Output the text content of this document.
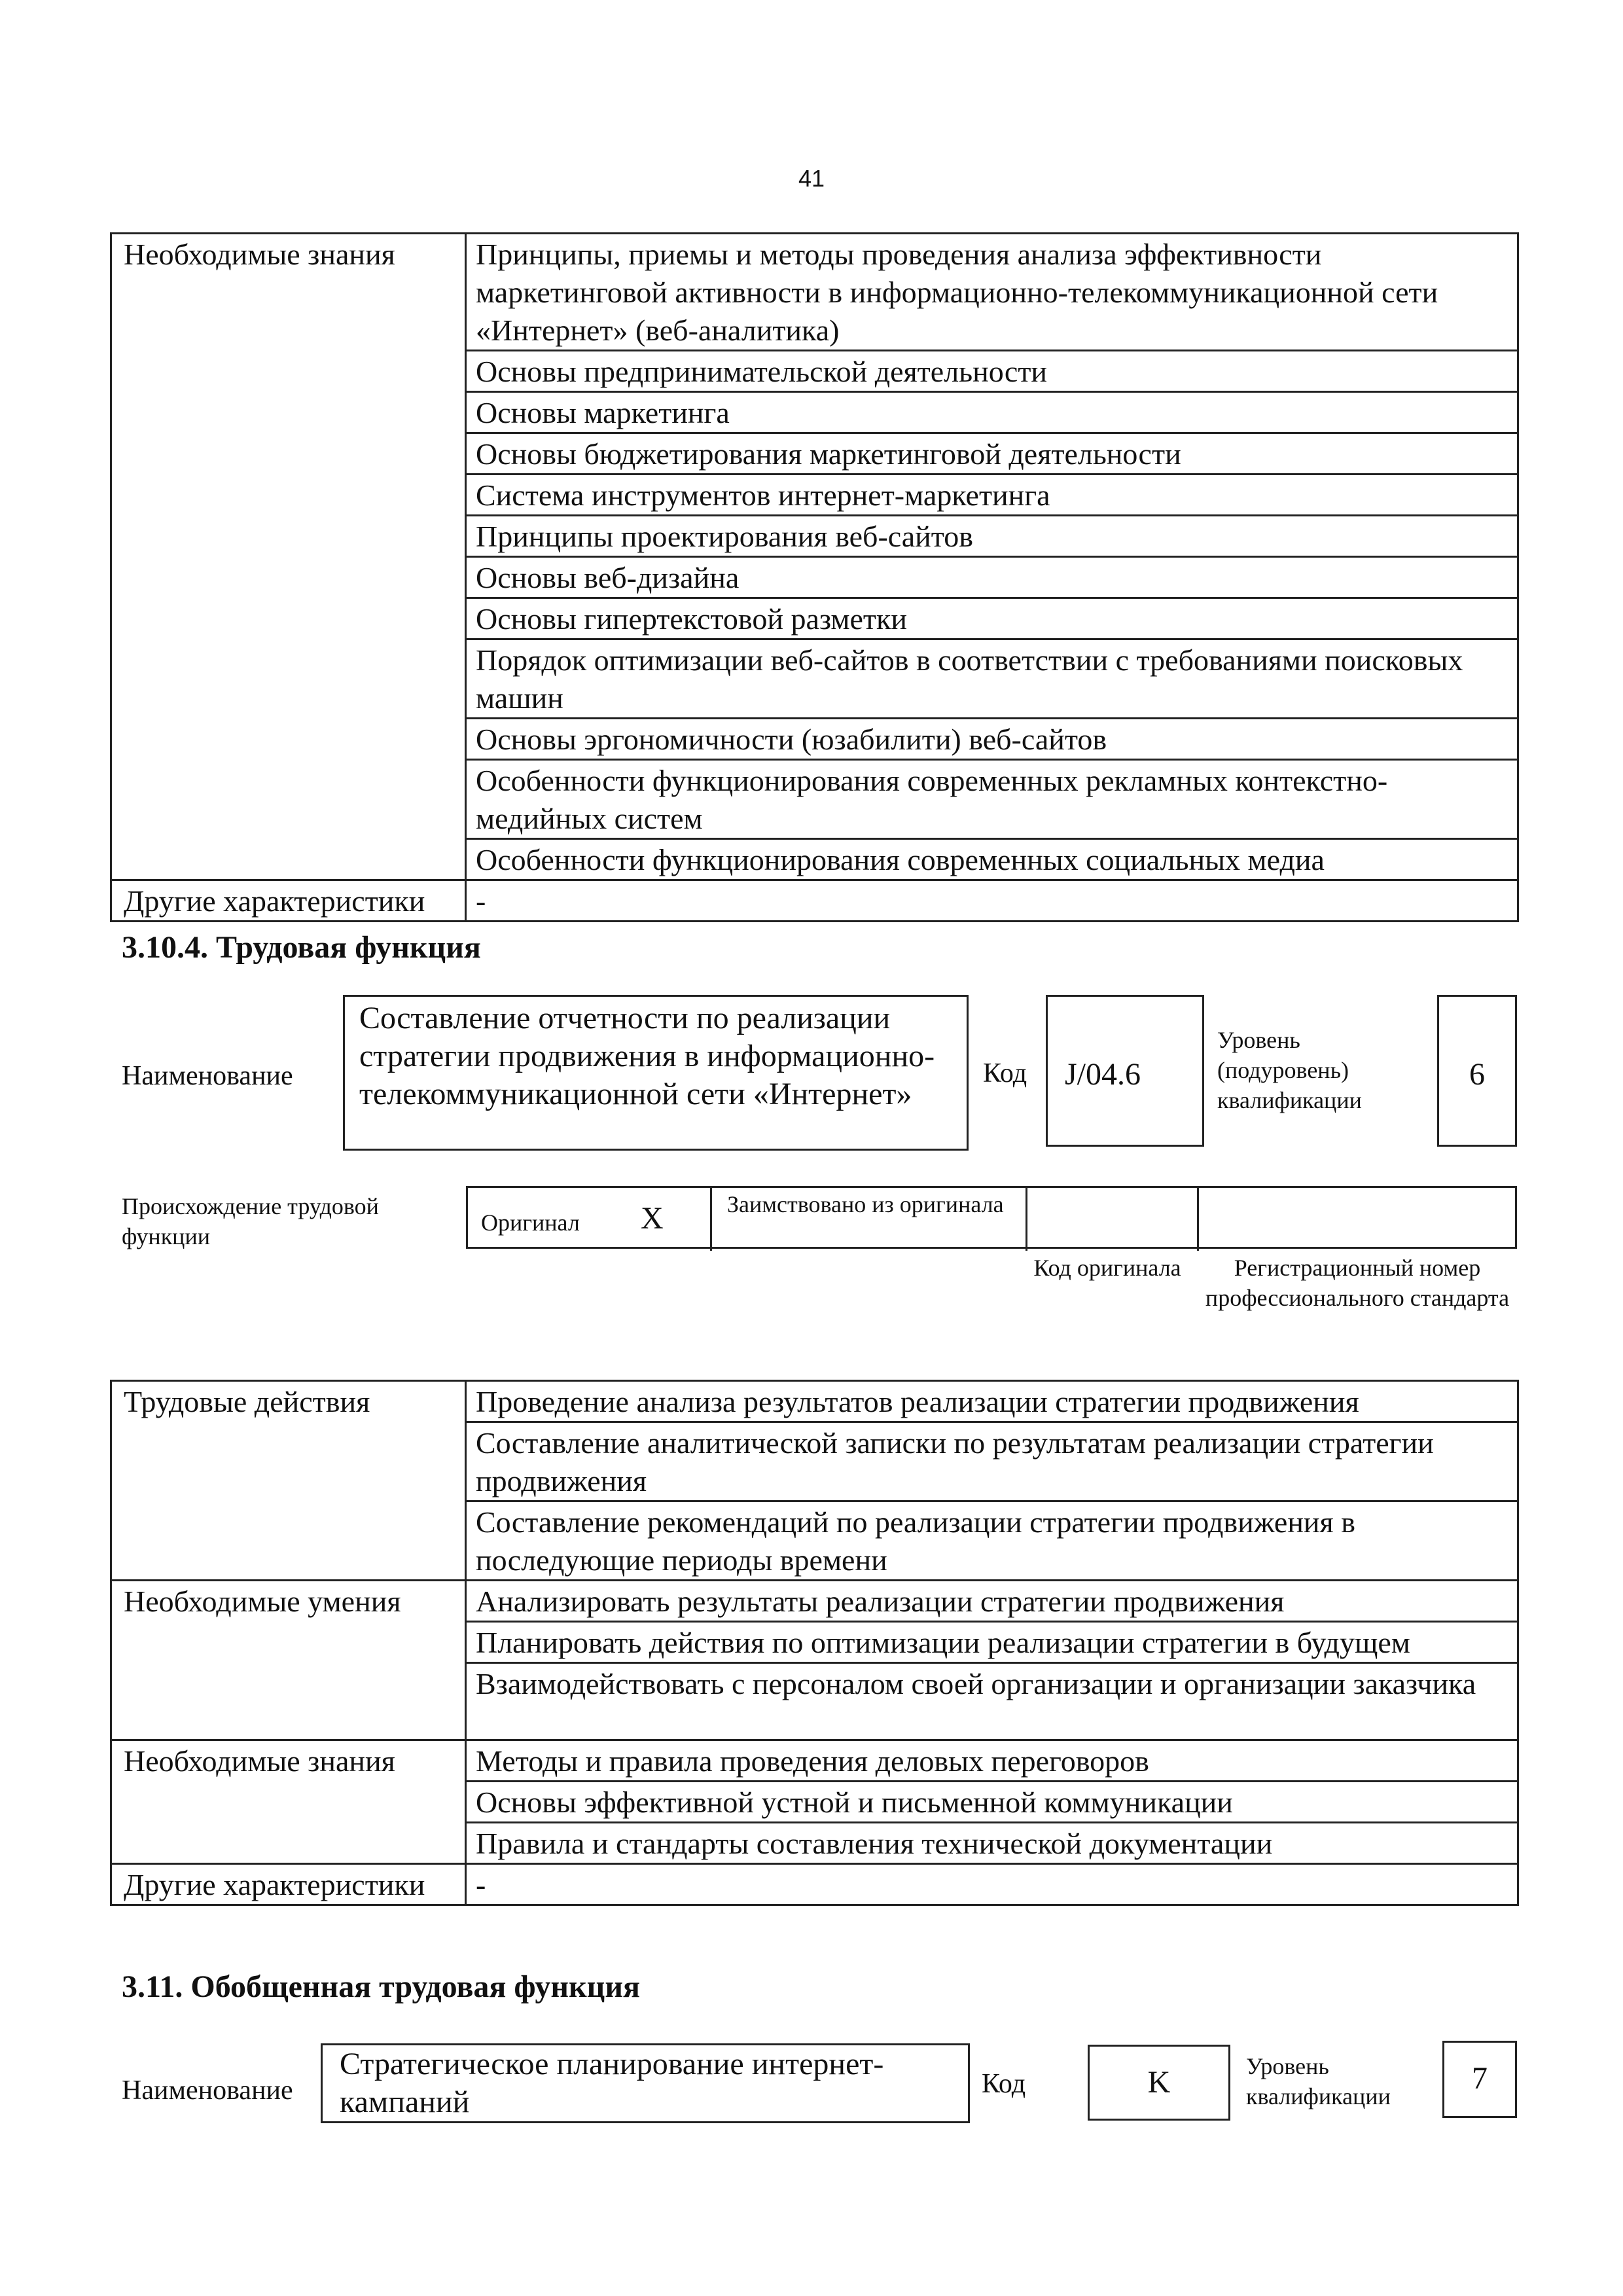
41
Необходимые знания	Принципы, приемы и методы проведения анализа эффективности маркетинговой активности в информационно-телекоммуникационной сети «Интернет» (веб-аналитика)
	Основы предпринимательской деятельности
	Основы маркетинга
	Основы бюджетирования маркетинговой деятельности
	Система инструментов интернет-маркетинга
	Принципы проектирования веб-сайтов
	Основы веб-дизайна
	Основы гипертекстовой разметки
	Порядок оптимизации веб-сайтов в соответствии с требованиями поисковых машин
	Основы эргономичности (юзабилити) веб-сайтов
	Особенности функционирования современных рекламных контекстно-медийных систем
	Особенности функционирования современных социальных медиа
Другие характеристики	-
3.10.4. Трудовая функция
Наименование
Составление отчетности по реализации стратегии продвижения в информационно-телекоммуникационной сети «Интернет»
Код J/04.6
Уровень (подуровень) квалификации
6
Происхождение трудовой функции
Оригинал X	Заимствовано из оригинала
Код оригинала	Регистрационный номер профессионального стандарта
Трудовые действия	Проведение анализа результатов реализации стратегии продвижения
	Составление аналитической записки по результатам реализации стратегии продвижения
	Составление рекомендаций по реализации стратегии продвижения в последующие периоды времени
Необходимые умения	Анализировать результаты реализации стратегии продвижения
	Планировать действия по оптимизации реализации стратегии в будущем
	Взаимодействовать с персоналом своей организации и организации заказчика
Необходимые знания	Методы и правила проведения деловых переговоров
	Основы эффективной устной и письменной коммуникации
	Правила и стандарты составления технической документации
Другие характеристики	-
3.11. Обобщенная трудовая функция
Наименование
Стратегическое планирование интернет-кампаний
Код	K	Уровень квалификации
7
